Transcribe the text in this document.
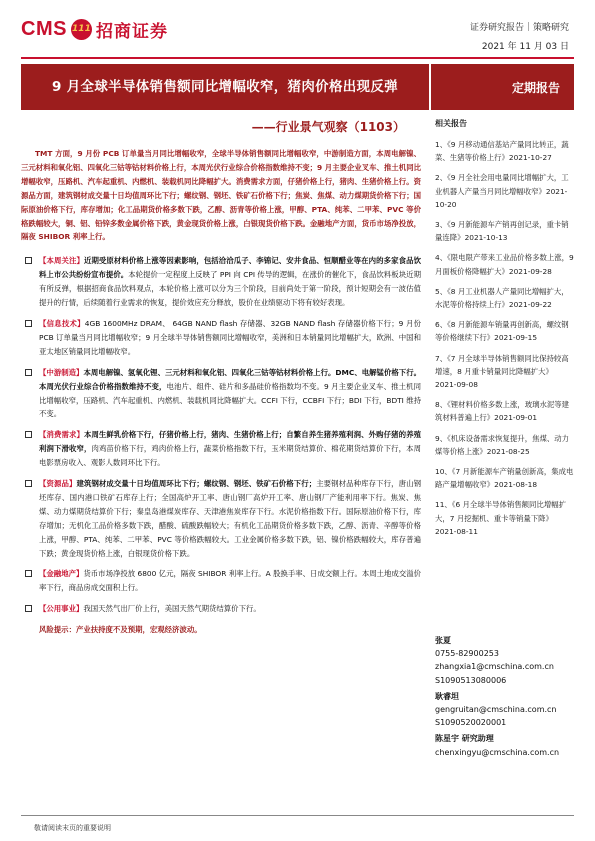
CMS 111 招商证券	证券研究报告｜策略研究
2021 年 11 月 03 日
9 月全球半导体销售额同比增幅收窄，猪肉价格出现反弹
——行业景气观察（1103）
定期报告

TMT 方面，9 月份 PCB 订单量当月同比增幅收窄，全球半导体销售额同比增幅收窄，中游制造方面，本周电解镍、三元材料和氧化铝、四氧化三钴等钴材料价格上行，本周光伏行业综合价格指数维持不变；9 月主要企业叉车、推土机同比增幅收窄，压路机、汽车起重机、内燃机、装载机同比降幅扩大。消费需求方面，仔猪价格上行，猪肉、生猪价格上行。资源品方面，建筑钢材成交量十日均值周环比下行；螺纹钢、钢坯、铁矿石价格下行；焦炭、焦煤、动力煤期货价格下行；国际原油价格下行，库存增加；化工品期货价格多数下跌，乙醇、沥青等价格上涨，甲醇、PTA、纯苯、二甲苯、PVC 等价格跌幅较大，铜、铝、铅锌多数金属价格下跌，黄金现货价格上涨，白银现货价格下跌。金融地产方面，货币市场净投放，隔夜 SHIBOR 利率上行。

【本周关注】近期受原材料价格上涨等因素影响，包括洽洽瓜子、李锦记、安井食品、恒顺醋业等在内的多家食品饮料上市公共纷纷宣布提价。本轮提价一定程度上反映了 PPI 向 CPI 传导的逻辑，在涨价的催化下，食品饮料板块近期有所反弹，根据招商食品饮料观点，本轮价格上涨可以分为三个阶段，目前尚处于第一阶段，预计短期会有一波估值提升的行情，后续随着行业需求的恢复，提价效应充分释放，股价在业绩驱动下将有较好表现。
【信息技术】4GB 1600MHz DRAM、 64GB NAND flash 存储器、32GB NAND flash 存储器价格下行；9 月份 PCB 订单量当月同比增幅收窄；9 月全球半导体销售额同比增幅收窄，美洲和日本销量同比增幅扩大，欧洲、中国和亚太地区销量同比增幅收窄。
【中游制造】本周电解镍、氢氧化锂、三元材料和氧化铝、四氧化三钴等钴材料价格上行。DMC、电解锰价格下行。本周光伏行业综合价格指数维持不变，电池片、组件、硅片和多晶硅价格指数均不变。9 月主要企业叉车、推土机同比增幅收窄，压路机、汽车起重机、内燃机、装载机同比降幅扩大。CCFI 下行，CCBFI 下行；BDI 下行，BDTI 维持不变。
【消费需求】本周生鲜乳价格下行，仔猪价格上行，猪肉、生猪价格上行；自繁自养生猪养殖利润、外购仔猪的养殖利润下滑收窄，肉鸡苗价格下行，鸡肉价格上行，蔬菜价格指数下行，玉米期货结算价、棉花期货结算价下行，本周电影票房收入、观影人数同环比下行。
【资源品】建筑钢材成交量十日均值周环比下行；螺纹钢、钢坯、铁矿石价格下行；主要钢材品种库存下行，唐山钢坯库存、国内港口铁矿石库存上行；全国高炉开工率、唐山钢厂高炉开工率、唐山钢厂产能利用率下行。焦炭、焦煤、动力煤期货结算价下行；秦皇岛港煤炭库存、天津港焦炭库存下行。水泥价格指数下行。国际原油价格下行，库存增加；无机化工品价格多数下跌，醋酸、硫酸跌幅较大；有机化工品期货价格多数下跌，乙醇、沥青、辛醇等价格上涨，甲醇、PTA、纯苯、二甲苯、PVC 等价格跌幅较大。工业金属价格多数下跌，铝、镍价格跌幅较大，库存普遍下跌；黄金现货价格上涨，白银现货价格下跌。
【金融地产】货币市场净投放 6800 亿元，隔夜 SHIBOR 利率上行。A 股换手率、日成交额上行。本周土地成交溢价率下行，商品房成交面积上行。
【公用事业】我国天然气出厂价上行，美国天然气期货结算价下行。
风险提示：产业扶持度不及预期，宏观经济波动。
相关报告
1、《9 月移动通信基站产量同比转正，蔬菜、生猪等价格上行》2021-10-27
2、《9 月全社会用电量同比增幅扩大，工业机器人产量当月同比增幅收窄》2021-10-20
3、《9 月新能源车产销再创记录，重卡销量连降》2021-10-13
4、《限电限产带来工业品价格多数上涨，9 月面板价格降幅扩大》2021-09-28
5、《8 月工业机器人产量同比增幅扩大，水泥等价格持续上行》2021-09-22
6、《8 月新能源车销量再创新高，螺纹钢等价格继续下行》2021-09-15
7、《7 月全球半导体销售额同比保持较高增速，8 月重卡销量同比降幅扩大》2021-09-08
8、《锂材料价格多数上涨，玻璃水泥等建筑材料普遍上行》2021-09-01
9、《机床设备需求恢复提升，焦煤、动力煤等价格上涨》2021-08-25
10、《7 月新能源车产销量创新高，集成电路产量增幅收窄》2021-08-18
11、《6 月全球半导体销售额同比增幅扩大，7 月挖掘机、重卡等销量下降》2021-08-11
张夏
0755-82900253
zhangxia1@cmschina.com.cn
S1090513080006
耿睿坦
gengruitan@cmschina.com.cn
S1090520020001
陈星宇 研究助理
chenxingyu@cmschina.com.cn
敬请阅读末页的重要说明
